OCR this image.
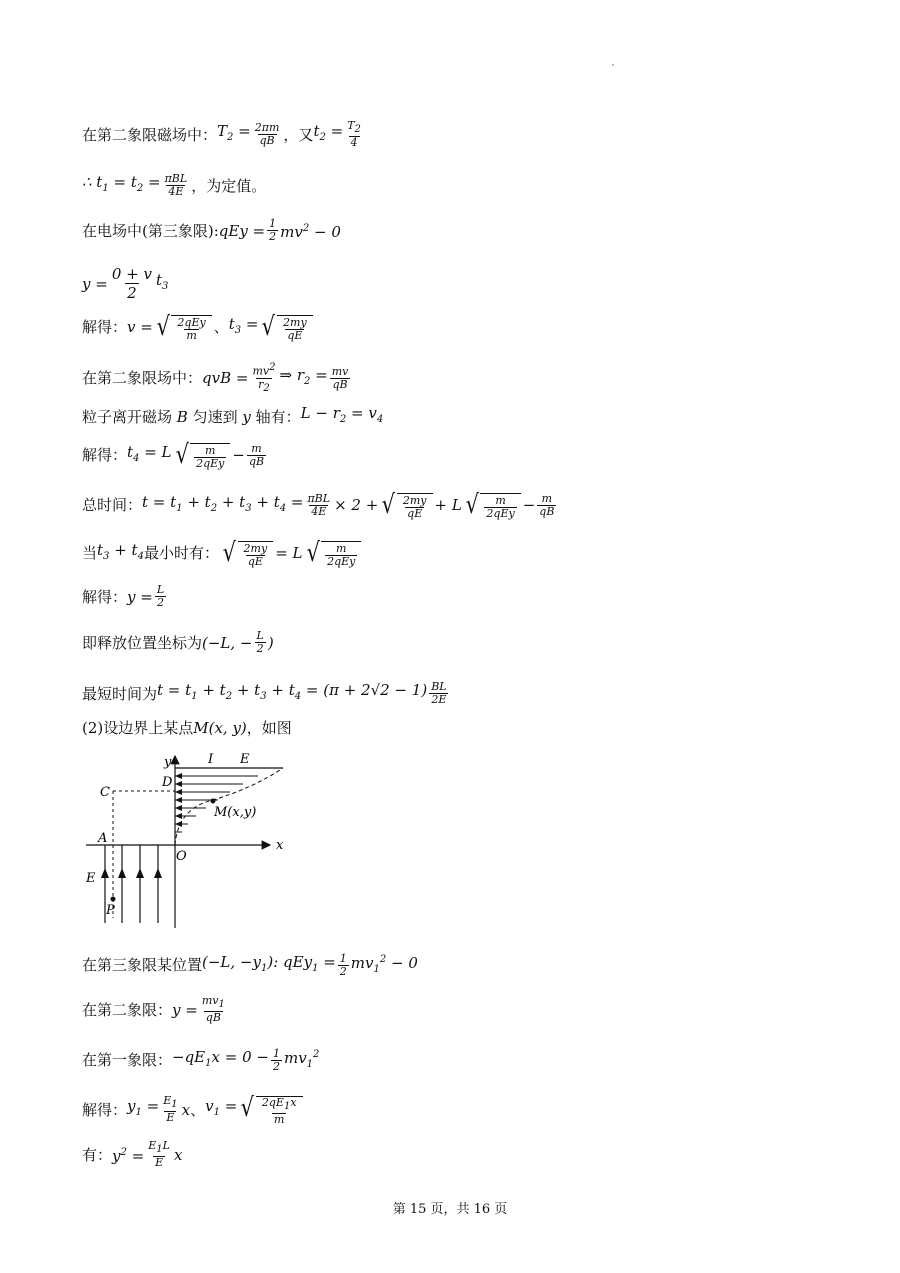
在第二象限磁场中： $T_2 = \frac{2\pi m}{qB}$ ，又 $t_2 = \frac{T_2}{4}$
∴ $t_1 = t_2 = \frac{\text{πBL}}{4E}$ ，为定值。
在电场中(第三象限): qEy = $\frac{1}{2} mv^2 - 0$
$y = \frac{0 + v}{2} t_3$
解得： v = √ $\frac{\text{2qEy}}{m}$ 、 $t_3$ = √ $\frac{2my}{qE}$
在第二象限场中： qvB = $\frac{mv^2}{r_2}$ ⇒ $r_2 = \frac{mv}{qB}$
粒子离开磁场 B 匀速到 y 轴有： $L - r_2 = v_4$
解得： $t_4 = L$ √ $\frac{m}{\text{2qEy}} - \frac{m}{qB}$
总时间： $t = t_1 + t_2 + t_3 + t_4 = \frac{\text{πBL}}{4E} \times 2$ + √ $\frac{2my}{qE} + L$ √ $\frac{m}{\text{2qEy}} - \frac{m}{qB}$
当 $t_3 + t_4$ 最小时有： √ $\frac{2my}{qE} = L$ √ $\frac{m}{\text{2qEy}}$
解得： $y = \frac{L}{2}$
即释放位置坐标为 (−L, − $\frac{L}{2}$ )
最短时间为 $t = t_1 + t_2 + t_3 + t_4 = (\pi + 2√2 - 1) \frac{BL}{2E}$
(2)设边界上某点 M(x, y) ，如图
y
x
O
A
C
D
P
E
E
I
M(x,y)
在第三象限某位置 (−L, $-y_1$): $qEy_1 = \frac{1}{2} mv_1^2 - 0$
在第二象限： $y = \frac{mv_1}{qB}$
在第一象限： $-qE_1x = 0 - \frac{1}{2} mv_1^2$
解得： $y_1 = \frac{E_1}{E}$ x 、 $v_1$ = √ $\frac{2qE_1x}{m}$
有： $y^2 = \frac{E_1L}{E}$ x
第 15 页，共 16 页
